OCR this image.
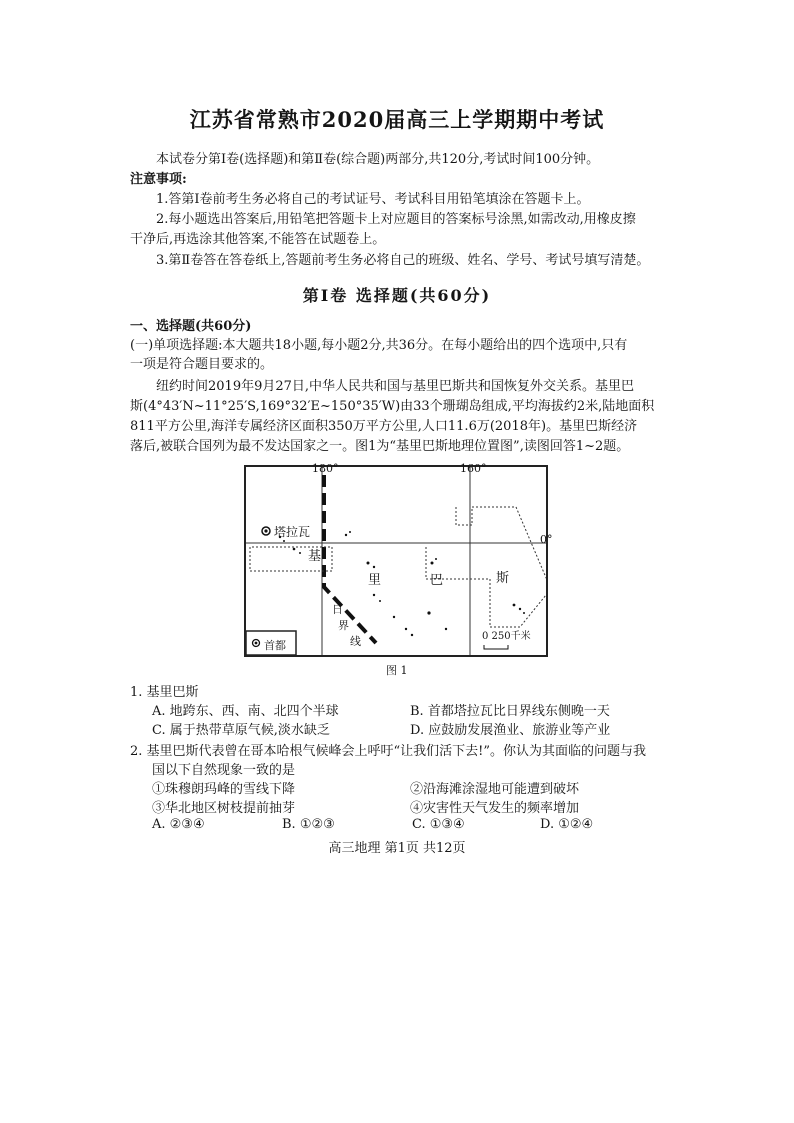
江苏省常熟市2020届高三上学期期中考试
本试卷分第Ⅰ卷(选择题)和第Ⅱ卷(综合题)两部分,共120分,考试时间100分钟。
注意事项:
1.答第Ⅰ卷前考生务必将自己的考试证号、考试科目用铅笔填涂在答题卡上。
2.每小题选出答案后,用铅笔把答题卡上对应题目的答案标号涂黑,如需改动,用橡皮擦
干净后,再选涂其他答案,不能答在试题卷上。
3.第Ⅱ卷答在答卷纸上,答题前考生务必将自己的班级、姓名、学号、考试号填写清楚。
第Ⅰ卷 选择题(共60分)
一、选择题(共60分)
(一)单项选择题:本大题共18小题,每小题2分,共36分。在每小题给出的四个选项中,只有
一项是符合题目要求的。
纽约时间2019年9月27日,中华人民共和国与基里巴斯共和国恢复外交关系。基里巴
斯(4°43′N~11°25′S,169°32′E~150°35′W)由33个珊瑚岛组成,平均海拔约2米,陆地面积
811平方公里,海洋专属经济区面积350万平方公里,人口11.6万(2018年)。基里巴斯经济
落后,被联合国列为最不发达国家之一。图1为“基里巴斯地理位置图”,读图回答1~2题。
180°	160°
0°
塔拉瓦
基
里	巴	斯
日
界
线	0 250千米
首都
图 1
1. 基里巴斯
A. 地跨东、西、南、北四个半球	B. 首都塔拉瓦比日界线东侧晚一天
C. 属于热带草原气候,淡水缺乏	D. 应鼓励发展渔业、旅游业等产业
2. 基里巴斯代表曾在哥本哈根气候峰会上呼吁“让我们活下去!”。你认为其面临的问题与我
国以下自然现象一致的是
①珠穆朗玛峰的雪线下降	②沿海滩涂湿地可能遭到破坏
③华北地区树枝提前抽芽	④灾害性天气发生的频率增加
A. ②③④	B. ①②③	C. ①③④	D. ①②④
高三地理 第1页 共12页
